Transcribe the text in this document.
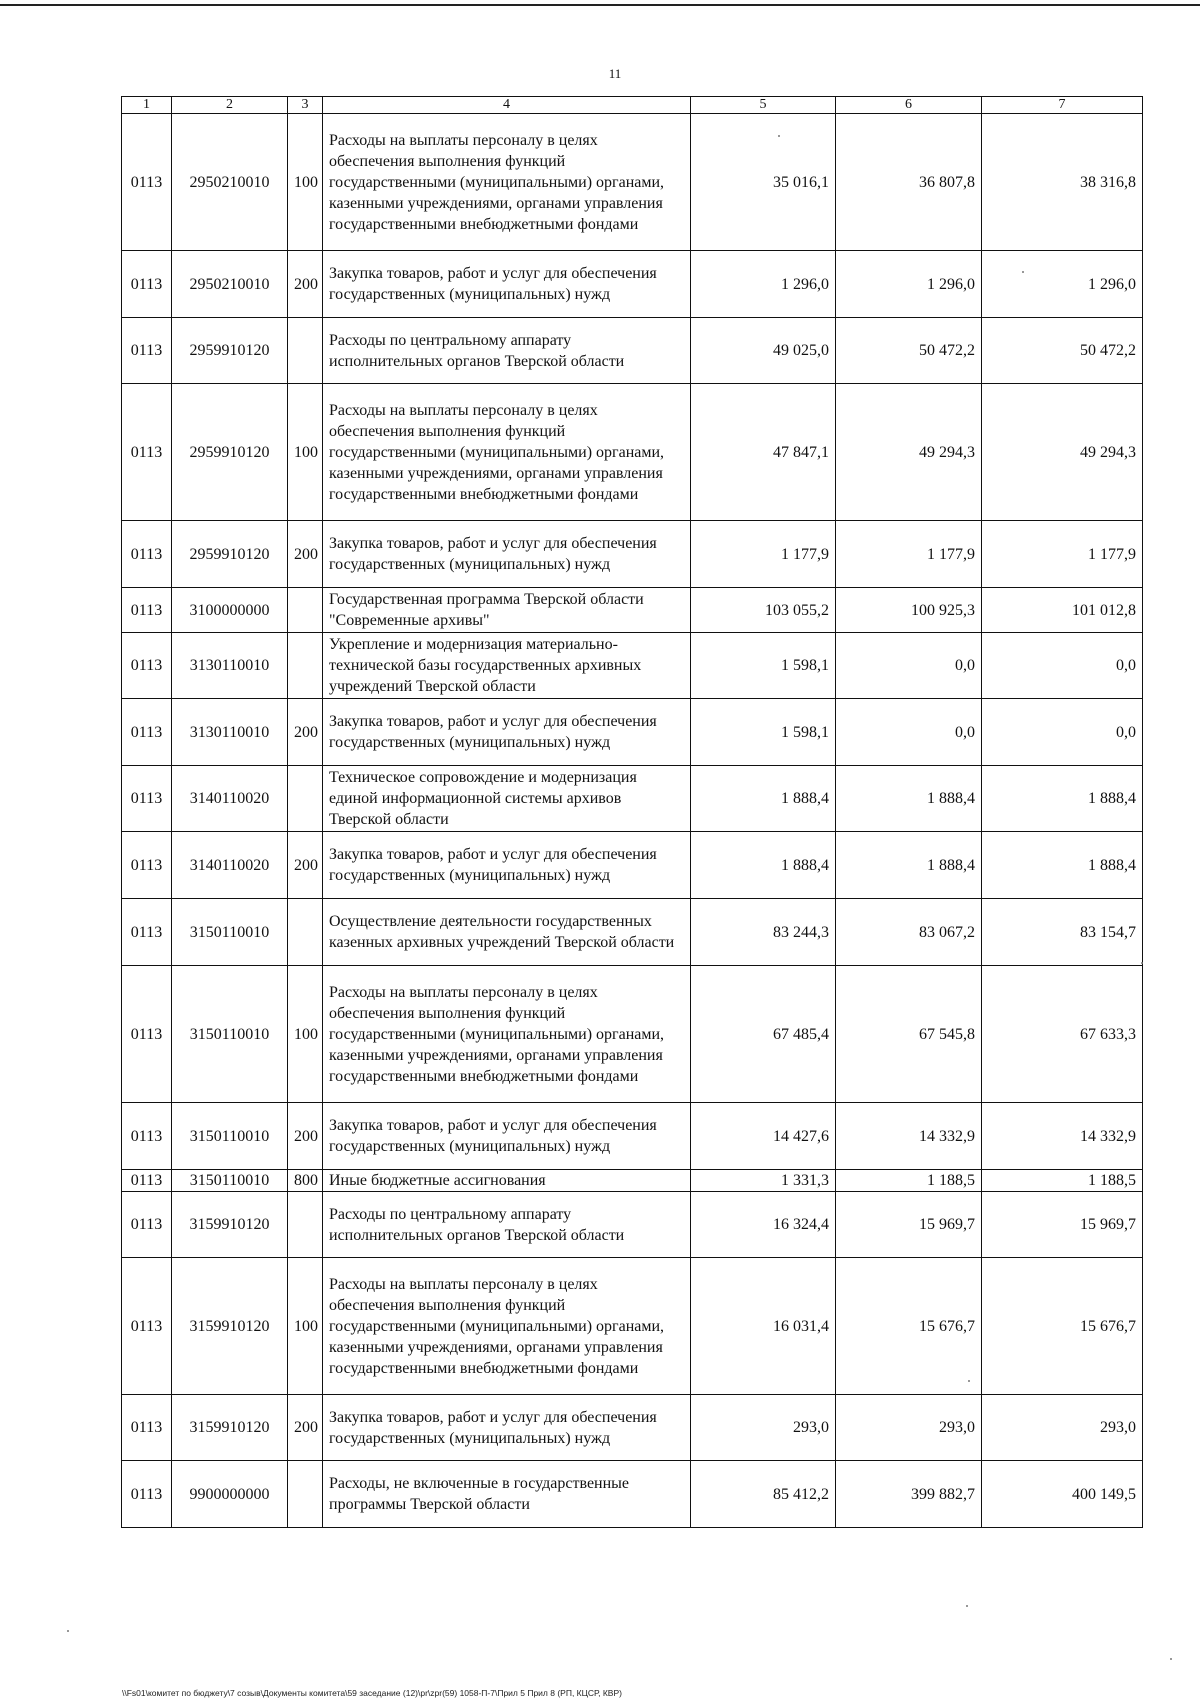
11
1	2	3	4	5	6	7
0113	2950210010	100	Расходы на выплаты персоналу в целях обеспечения выполнения функций государственными (муниципальными) органами, казенными учреждениями, органами управления государственными внебюджетными фондами	35 016,1	36 807,8	38 316,8
0113	2950210010	200	Закупка товаров, работ и услуг для обеспечения государственных (муниципальных) нужд	1 296,0	1 296,0	1 296,0
0113	2959910120		Расходы по центральному аппарату исполнительных органов Тверской области	49 025,0	50 472,2	50 472,2
0113	2959910120	100	Расходы на выплаты персоналу в целях обеспечения выполнения функций государственными (муниципальными) органами, казенными учреждениями, органами управления государственными внебюджетными фондами	47 847,1	49 294,3	49 294,3
0113	2959910120	200	Закупка товаров, работ и услуг для обеспечения государственных (муниципальных) нужд	1 177,9	1 177,9	1 177,9
0113	3100000000		Государственная программа Тверской области "Современные архивы"	103 055,2	100 925,3	101 012,8
0113	3130110010		Укрепление и модернизация материально-технической базы государственных архивных учреждений Тверской области	1 598,1	0,0	0,0
0113	3130110010	200	Закупка товаров, работ и услуг для обеспечения государственных (муниципальных) нужд	1 598,1	0,0	0,0
0113	3140110020		Техническое сопровождение и модернизация единой информационной системы архивов Тверской области	1 888,4	1 888,4	1 888,4
0113	3140110020	200	Закупка товаров, работ и услуг для обеспечения государственных (муниципальных) нужд	1 888,4	1 888,4	1 888,4
0113	3150110010		Осуществление деятельности государственных казенных архивных учреждений Тверской области	83 244,3	83 067,2	83 154,7
0113	3150110010	100	Расходы на выплаты персоналу в целях обеспечения выполнения функций государственными (муниципальными) органами, казенными учреждениями, органами управления государственными внебюджетными фондами	67 485,4	67 545,8	67 633,3
0113	3150110010	200	Закупка товаров, работ и услуг для обеспечения государственных (муниципальных) нужд	14 427,6	14 332,9	14 332,9
0113	3150110010	800	Иные бюджетные ассигнования	1 331,3	1 188,5	1 188,5
0113	3159910120		Расходы по центральному аппарату исполнительных органов Тверской области	16 324,4	15 969,7	15 969,7
0113	3159910120	100	Расходы на выплаты персоналу в целях обеспечения выполнения функций государственными (муниципальными) органами, казенными учреждениями, органами управления государственными внебюджетными фондами	16 031,4	15 676,7	15 676,7
0113	3159910120	200	Закупка товаров, работ и услуг для обеспечения государственных (муниципальных) нужд	293,0	293,0	293,0
0113	9900000000		Расходы, не включенные в государственные программы Тверской области	85 412,2	399 882,7	400 149,5
\\Fs01\комитет по бюджету\7 созыв\Документы комитета\59 заседание (12)\pr\zpr(59) 1058-П-7\Прил 5 Прил 8 (РП, КЦСР, КВР)
